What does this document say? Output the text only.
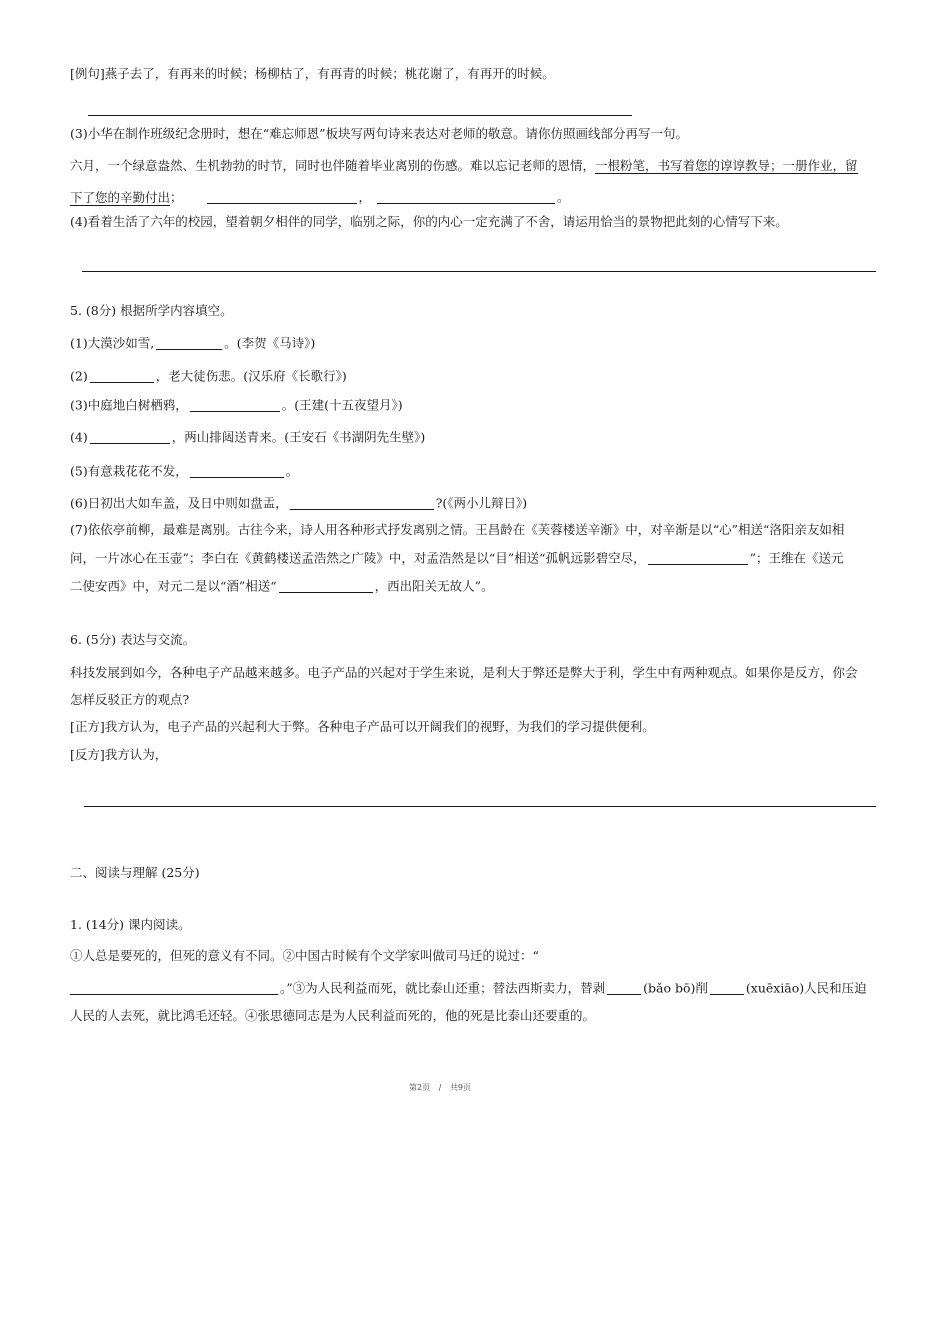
[例句]燕子去了，有再来的时候；杨柳枯了，有再青的时候；桃花谢了，有再开的时候。
(3)小华在制作班级纪念册时，想在“难忘师恩”板块写两句诗来表达对老师的敬意。请你仿照画线部分再写一句。
六月，一个绿意盎然、生机勃勃的时节，同时也伴随着毕业离别的伤感。难以忘记老师的恩情，一根粉笔，书写着您的谆谆教导；一册作业，留
下了您的辛勤付出；	，	。
(4)看着生活了六年的校园，望着朝夕相伴的同学，临别之际，你的内心一定充满了不舍，请运用恰当的景物把此刻的心情写下来。
5. (8分) 根据所学内容填空。
(1)大漠沙如雪,	。(李贺《马诗》)
(2)	，老大徒伤悲。(汉乐府《长歌行》)
(3)中庭地白树栖鸦，	。(王建(十五夜望月》)
(4)	，两山排闼送青来。(王安石《书湖阴先生壁》)
(5)有意栽花花不发，	。
(6)日初出大如车盖，及日中则如盘盂，	?(《两小儿辩日》)
(7)依依亭前柳，最难是离别。古往今来，诗人用各种形式抒发离别之情。王昌龄在《芙蓉楼送辛渐》中，对辛渐是以“心”相送“洛阳亲友如相
问，一片冰心在玉壶”；李白在《黄鹤楼送孟浩然之广陵》中，对孟浩然是以“目”相送“孤帆远影碧空尽，	”；王维在《送元
二使安西》中，对元二是以“酒”相送“	，西出阳关无故人”。
6. (5分) 表达与交流。
科技发展到如今，各种电子产品越来越多。电子产品的兴起对于学生来说，是利大于弊还是弊大于利，学生中有两种观点。如果你是反方，你会
怎样反驳正方的观点?
[正方]我方认为，电子产品的兴起利大于弊。各种电子产品可以开阔我们的视野，为我们的学习提供便利。
[反方]我方认为，
二、阅读与理解 (25分)
1. (14分) 课内阅读。
①人总是要死的，但死的意义有不同。②中国古时候有个文学家叫做司马迁的说过：“
。”③为人民利益而死，就比泰山还重；替法西斯卖力，替剥	(bǎo bō)削	(xuēxiāo)人民和压迫
人民的人去死，就比鸿毛还轻。④张思德同志是为人民利益而死的，他的死是比泰山还要重的。
第2页 / 共9页
